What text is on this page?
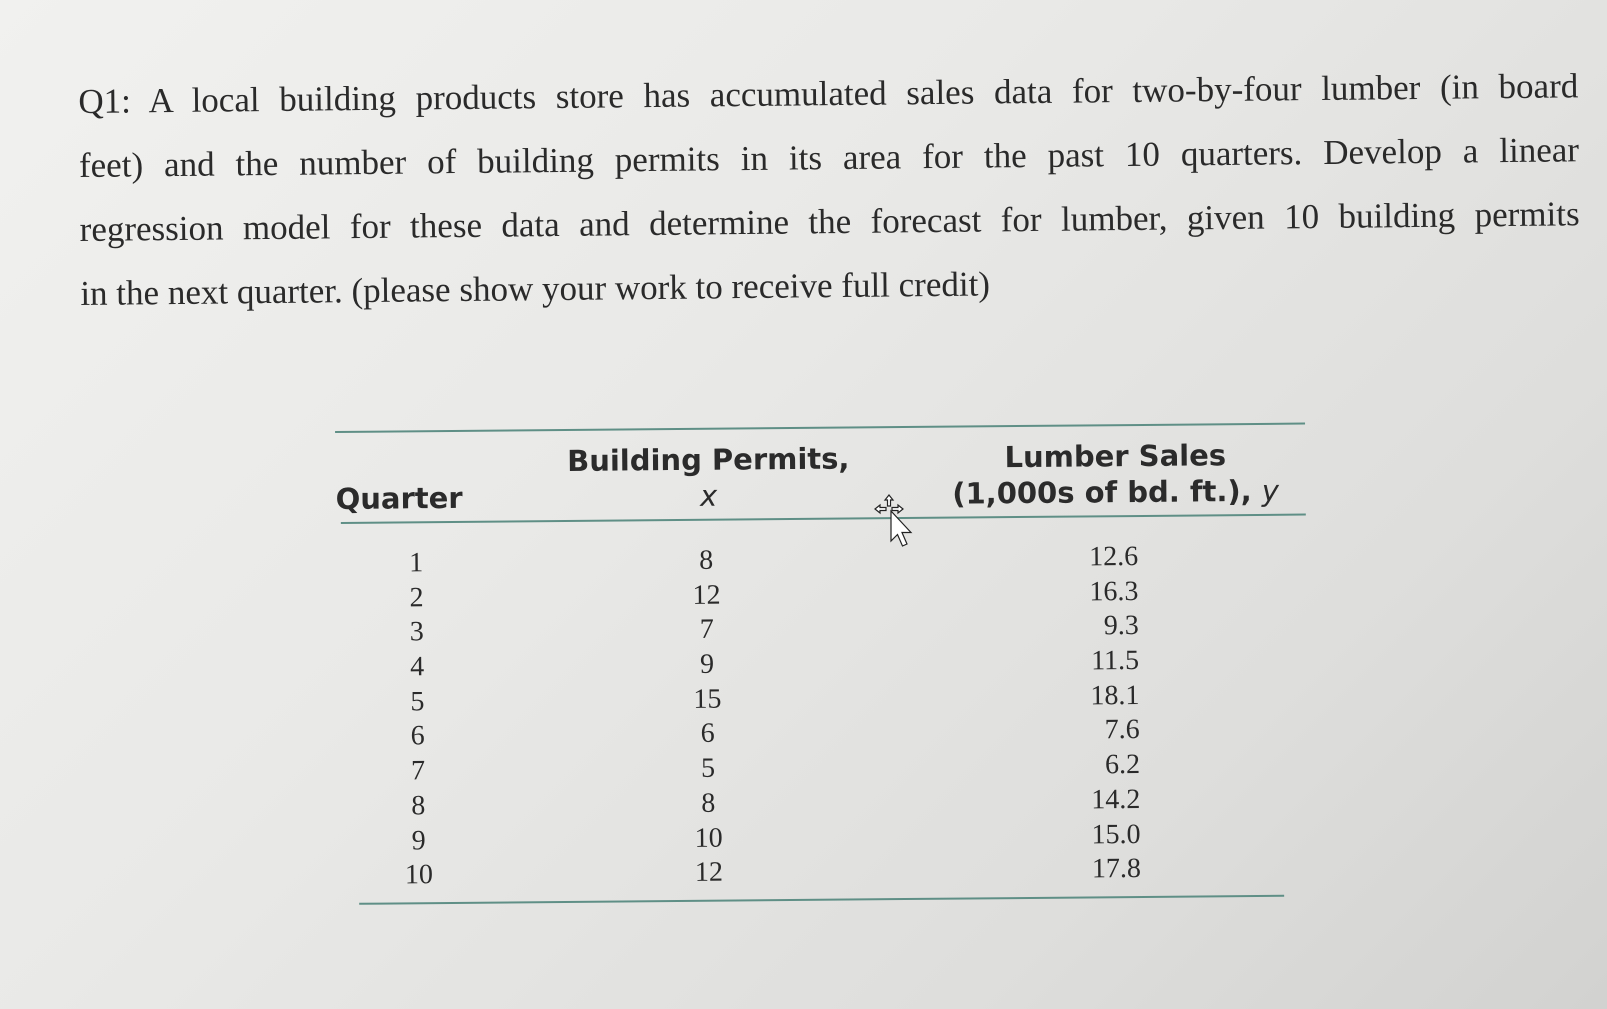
Q1: A local building products store has accumulated sales data for two-by-four lumber (in board
feet) and the number of building permits in its area for the past 10 quarters. Develop a linear
regression model for these data and determine the forecast for lumber, given 10 building permits
in the next quarter. (please show your work to receive full credit)
Quarter
Building Permits,
x
Lumber Sales
(1,000s of bd. ft.), y
1
2
3
4
5
6
7
8
9
10
8
12
7
9
15
6
5
8
10
12
12.6
16.3
9.3
11.5
18.1
7.6
6.2
14.2
15.0
17.8
